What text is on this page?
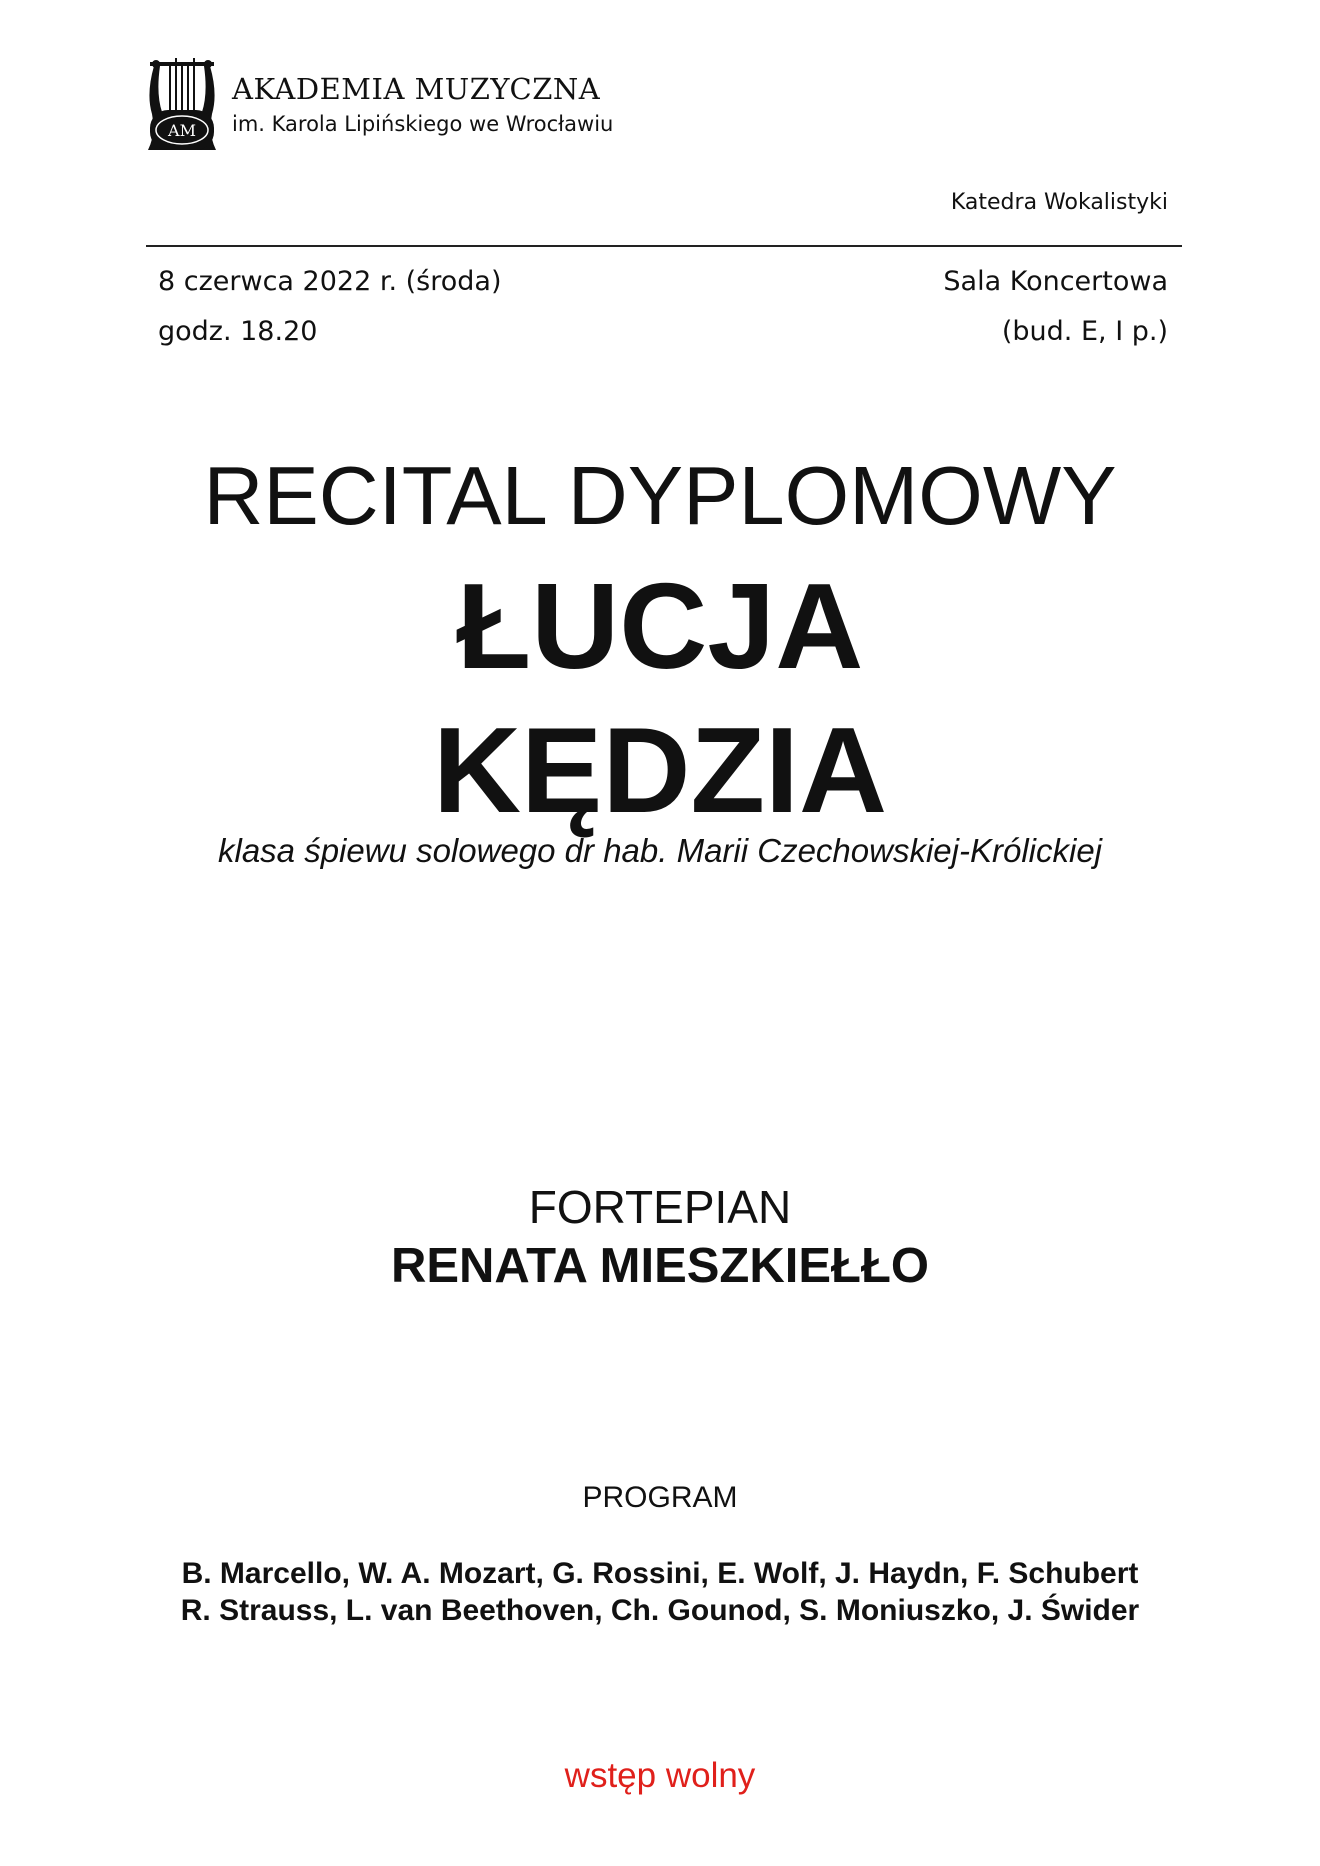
AM
AKADEMIA MUZYCZNA
im. Karola Lipińskiego we Wrocławiu
Katedra Wokalistyki
8 czerwca 2022 r. (środa)
godz. 18.20
Sala Koncertowa
(bud. E, I p.)
RECITAL DYPLOMOWY
ŁUCJA
KĘDZIA
klasa śpiewu solowego dr hab. Marii Czechowskiej-Królickiej
FORTEPIAN
RENATA MIESZKIEŁŁO
PROGRAM
B. Marcello, W. A. Mozart, G. Rossini, E. Wolf, J. Haydn, F. Schubert
R. Strauss, L. van Beethoven, Ch. Gounod, S. Moniuszko, J. Świder
wstęp wolny
